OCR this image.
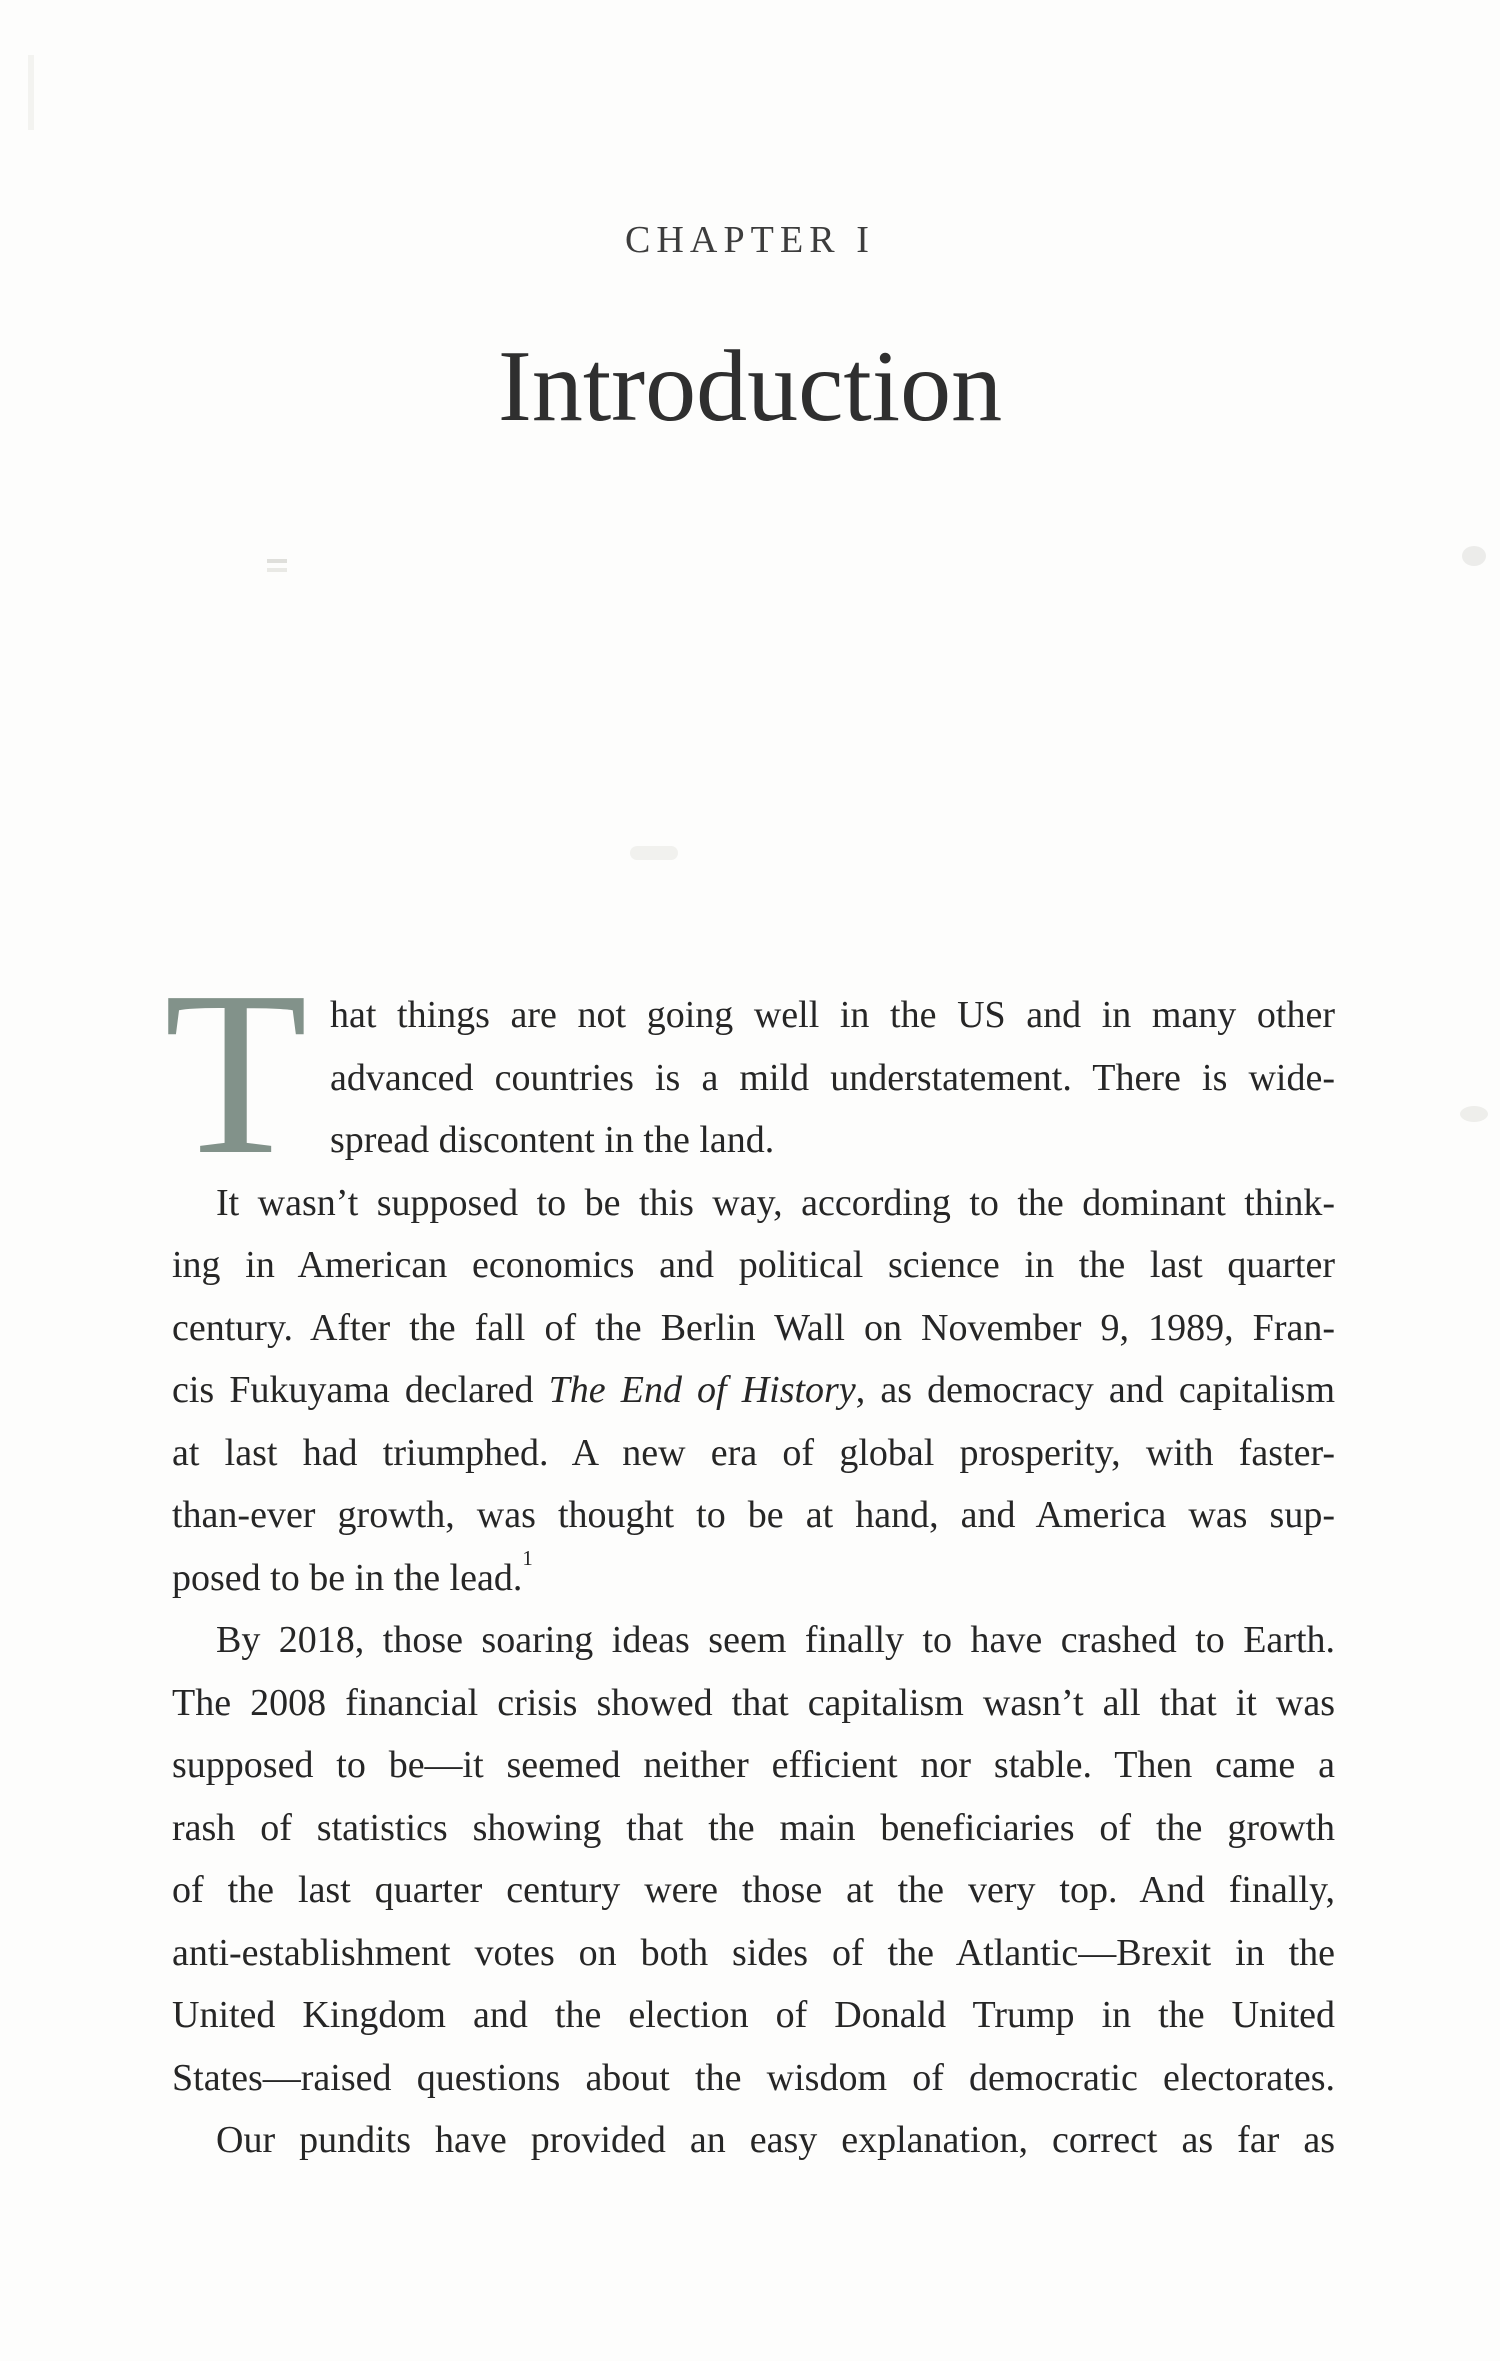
CHAPTER I
Introduction
T hat things are not going well in the US and in many other
advanced countries is a mild understatement. There is wide-
spread discontent in the land.
It wasn’t supposed to be this way, according to the dominant think-
ing in American economics and political science in the last quarter
century. After the fall of the Berlin Wall on November 9, 1989, Fran-
cis Fukuyama declared The End of History, as democracy and capitalism
at last had triumphed. A new era of global prosperity, with faster-
than-ever growth, was thought to be at hand, and America was sup-
posed to be in the lead.$^1$
By 2018, those soaring ideas seem finally to have crashed to Earth.
The 2008 financial crisis showed that capitalism wasn’t all that it was
supposed to be—it seemed neither efficient nor stable. Then came a
rash of statistics showing that the main beneficiaries of the growth
of the last quarter century were those at the very top. And finally,
anti-establishment votes on both sides of the Atlantic—Brexit in the
United Kingdom and the election of Donald Trump in the United
States—raised questions about the wisdom of democratic electorates.
Our pundits have provided an easy explanation, correct as far as
